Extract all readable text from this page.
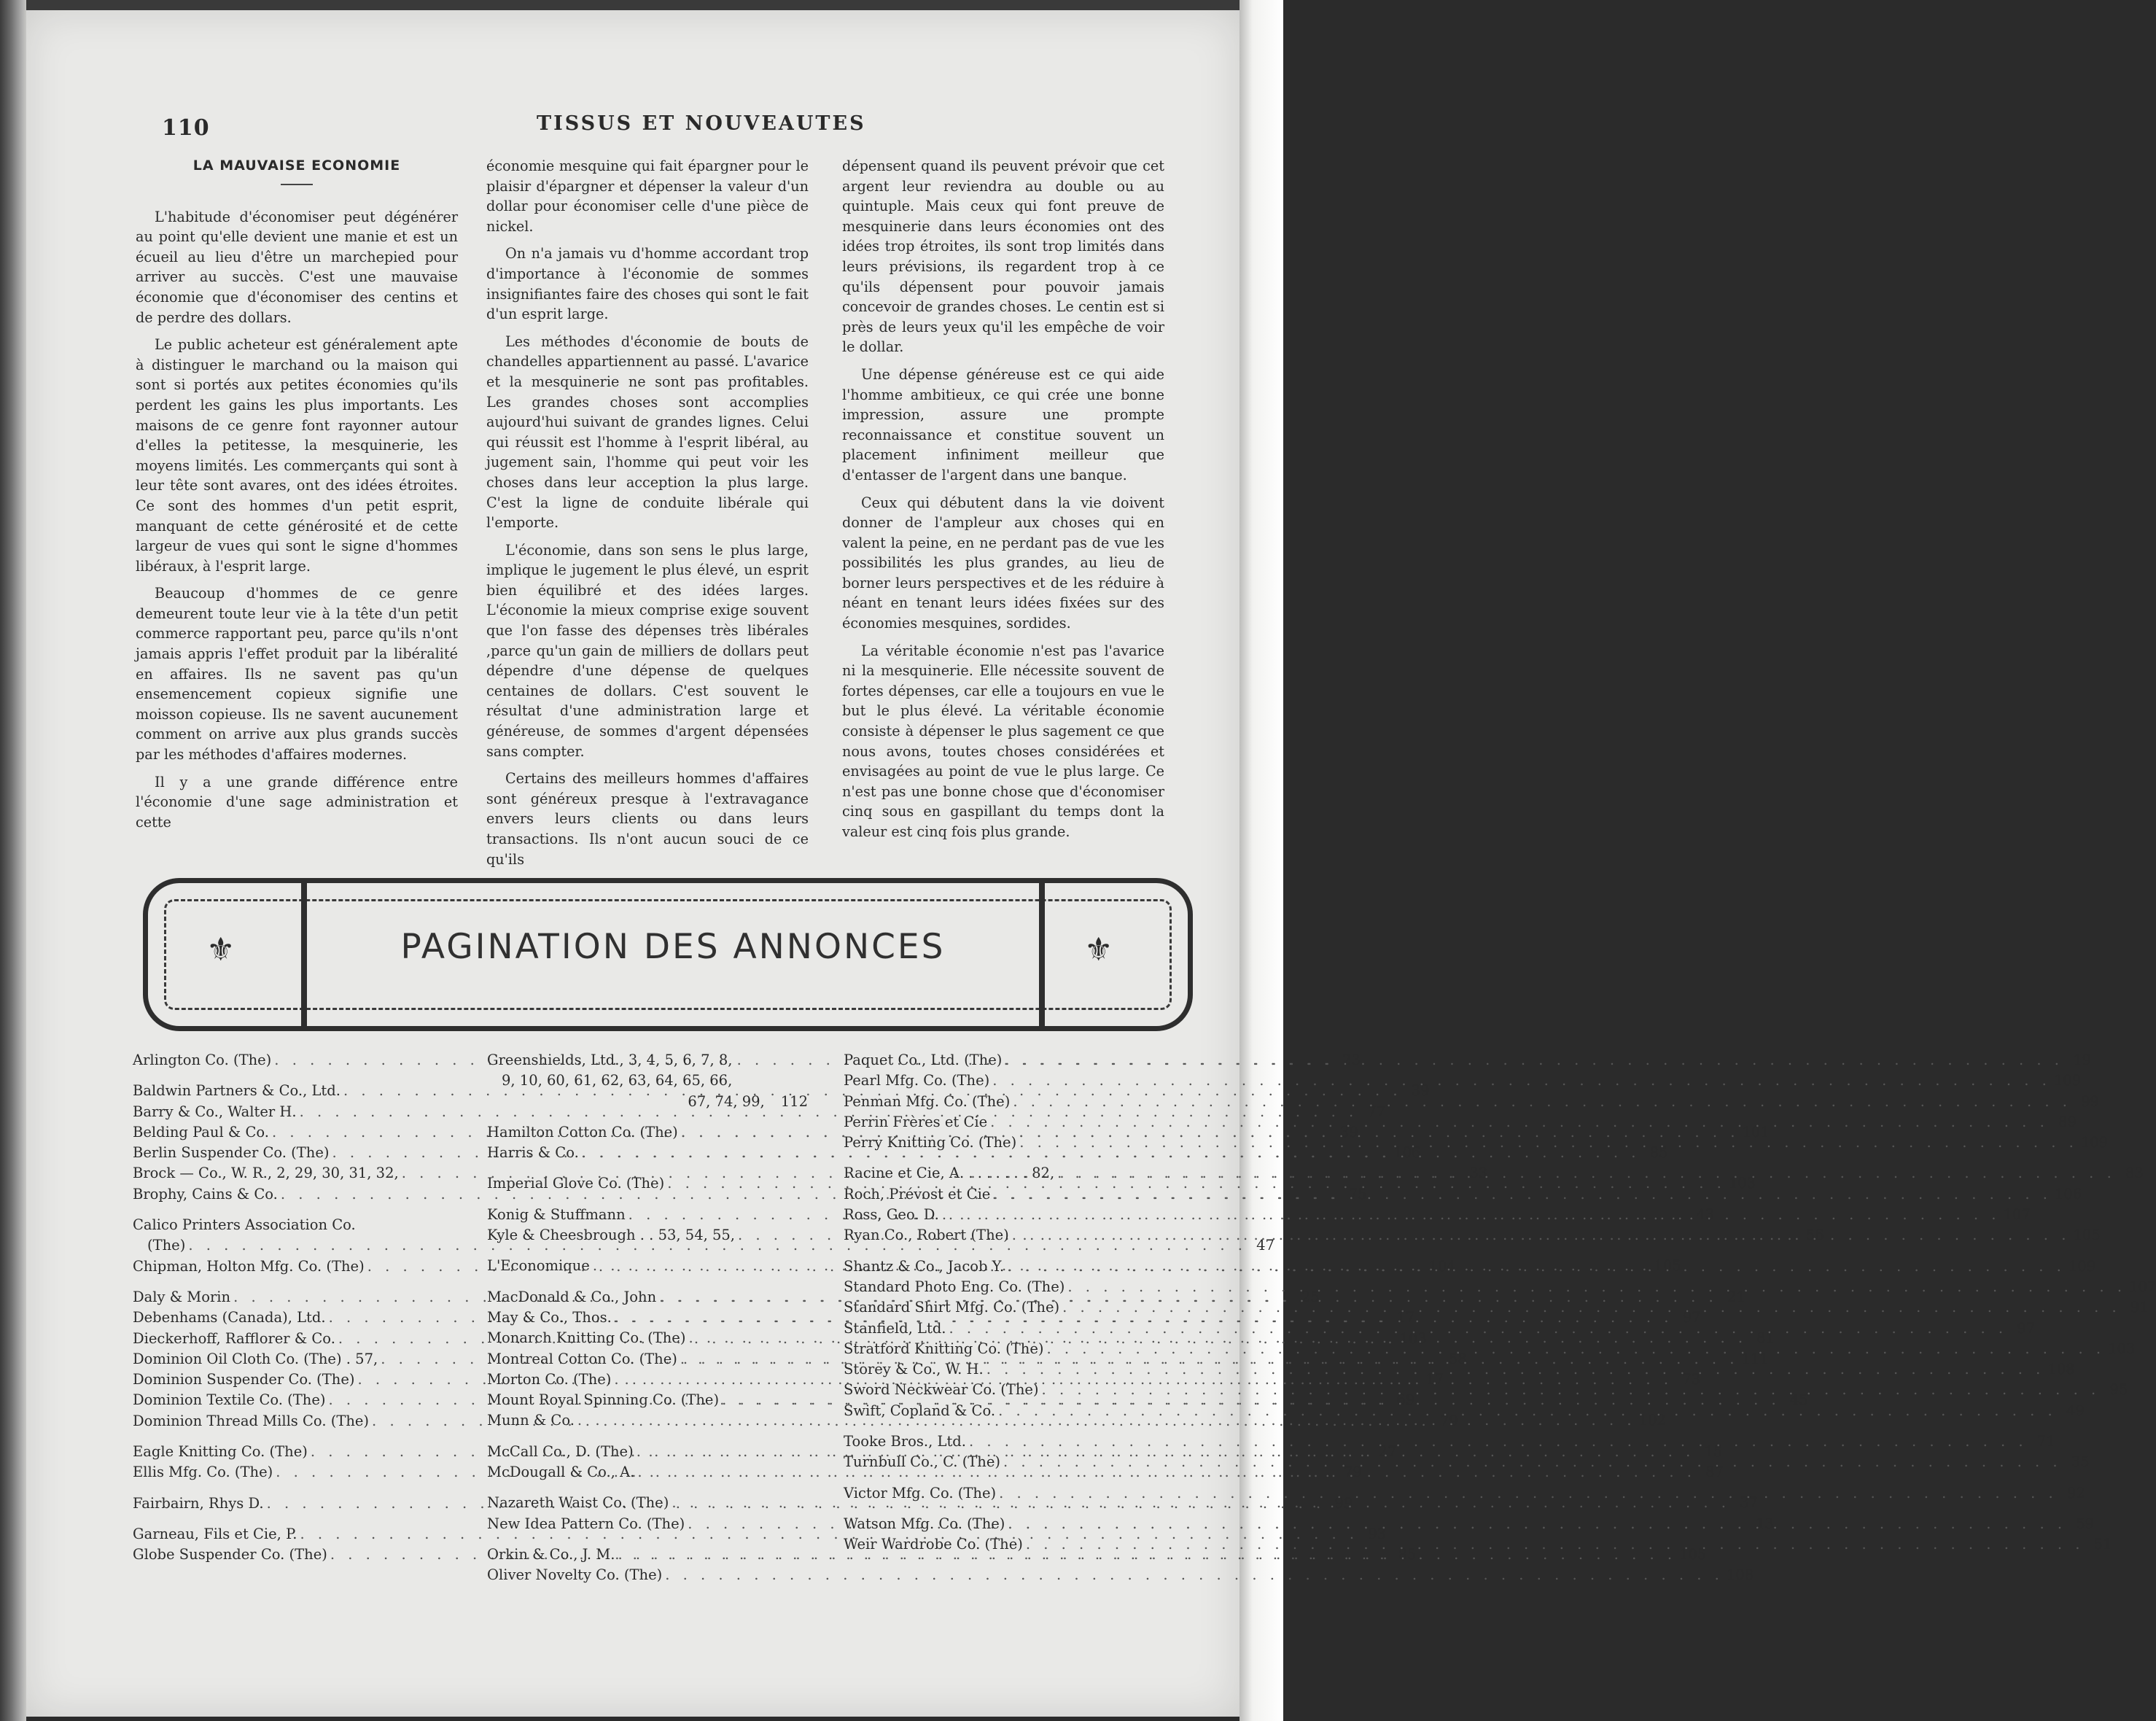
110	TISSUS ET NOUVEAUTES
LA MAUVAISE ECONOMIE

L'habitude d'économiser peut dégénérer au point qu'elle devient une manie et est un écueil au lieu d'être un marchepied pour arriver au succès. C'est une mauvaise économie que d'économiser des centins et de perdre des dollars.

Le public acheteur est généralement apte à distinguer le marchand ou la maison qui sont si portés aux petites économies qu'ils perdent les gains les plus importants. Les maisons de ce genre font rayonner autour d'elles la petitesse, la mesquinerie, les moyens limités. Les commerçants qui sont à leur tête sont avares, ont des idées étroites. Ce sont des hommes d'un petit esprit, manquant de cette générosité et de cette largeur de vues qui sont le signe d'hommes libéraux, à l'esprit large.

Beaucoup d'hommes de ce genre demeurent toute leur vie à la tête d'un petit commerce rapportant peu, parce qu'ils n'ont jamais appris l'effet produit par la libéralité en affaires. Ils ne savent pas qu'un ensemencement copieux signifie une moisson copieuse. Ils ne savent aucunement comment on arrive aux plus grands succès par les méthodes d'affaires modernes.

Il y a une grande différence entre l'économie d'une sage administration et cette

économie mesquine qui fait épargner pour le plaisir d'épargner et dépenser la valeur d'un dollar pour économiser celle d'une pièce de nickel.

On n'a jamais vu d'homme accordant trop d'importance à l'économie de sommes insignifiantes faire des choses qui sont le fait d'un esprit large.

Les méthodes d'économie de bouts de chandelles appartiennent au passé. L'avarice et la mesquinerie ne sont pas profitables. Les grandes choses sont accomplies aujourd'hui suivant de grandes lignes. Celui qui réussit est l'homme à l'esprit libéral, au jugement sain, l'homme qui peut voir les choses dans leur acception la plus large. C'est la ligne de conduite libérale qui l'emporte.

L'économie, dans son sens le plus large, implique le jugement le plus élevé, un esprit bien équilibré et des idées larges. L'économie la mieux comprise exige souvent que l'on fasse des dépenses très libérales ,parce qu'un gain de milliers de dollars peut dépendre d'une dépense de quelques centaines de dollars. C'est souvent le résultat d'une administration large et généreuse, de sommes d'argent dépensées sans compter.

Certains des meilleurs hommes d'affaires sont généreux presque à l'extravagance envers leurs clients ou dans leurs transactions. Ils n'ont aucun souci de ce qu'ils

dépensent quand ils peuvent prévoir que cet argent leur reviendra au double ou au quintuple. Mais ceux qui font preuve de mesquinerie dans leurs économies ont des idées trop étroites, ils sont trop limités dans leurs prévisions, ils regardent trop à ce qu'ils dépensent pour pouvoir jamais concevoir de grandes choses. Le centin est si près de leurs yeux qu'il les empêche de voir le dollar.

Une dépense généreuse est ce qui aide l'homme ambitieux, ce qui crée une bonne impression, assure une prompte reconnaissance et constitue souvent un placement infiniment meilleur que d'entasser de l'argent dans une banque.

Ceux qui débutent dans la vie doivent donner de l'ampleur aux choses qui en valent la peine, en ne perdant pas de vue les possibilités les plus grandes, au lieu de borner leurs perspectives et de les réduire à néant en tenant leurs idées fixées sur des économies mesquines, sordides.

La véritable économie n'est pas l'avarice ni la mesquinerie. Elle nécessite souvent de fortes dépenses, car elle a toujours en vue le but le plus élevé. La véritable économie consiste à dépenser le plus sagement ce que nous avons, toutes choses considérées et envisagées au point de vue le plus large. Ce n'est pas une bonne chose que d'économiser cinq sous en gaspillant du temps dont la valeur est cinq fois plus grande.

⚜	PAGINATION DES ANNONCES	⚜
Arlington Co. (The) . . .	23
Baldwin Partners & Co., Ltd. . . .	39
Barry & Co., Walter H. . . .	77
Belding Paul & Co. . . .	39
Berlin Suspender Co. (The) . . .	106
Brock — Co., W. R., 2, 29, 30, 31, 32, . . .	33
Brophy, Cains & Co. . . .	75
Calico Printers Association Co.
(The) . . .	47
Chipman, Holton Mfg. Co. (The) . . .	104
Daly & Morin . . .	25
Debenhams (Canada), Ltd. . . .	17
Dieckerhoff, Rafflorer & Co. . . .	103
Dominion Oil Cloth Co. (The) . 57, . . .	58
Dominion Suspender Co. (The) . . .	17
Dominion Textile Co. (The) . . .	69
Dominion Thread Mills Co. (The) . . .	79
Eagle Knitting Co. (The) . . .	27
Ellis Mfg. Co. (The) . . .	79
Fairbairn, Rhys D. . . .	99
Garneau, Fils et Cie, P. . . .	93
Globe Suspender Co. (The) . . .	85
Greenshields, Ltd., 3, 4, 5, 6, 7, 8,
9, 10, 60, 61, 62, 63, 64, 65, 66,
67, 74, 99, 112
Hamilton Cotton Co. (The) . . .	101
Harris & Co. . . .	85
Imperial Glove Co. (The) . . .	103
Konig & Stuffmann . . .	43
Kyle & Cheesbrough . . 53, 54, 55, . . .	56
L'Economique . . .	105
MacDonald & Co., John . . .	21
May & Co., Thos. . . .	97
Monarch Knitting Co. (The) . . .	81
Montreal Cotton Co. (The) . . .	111
Morton Co. (The) . . .	73
Mount Royal Spinning Co. (The) . . .	45
Munn & Co. . . .	102
McCall Co., D. (The) . . .	15
McDougall & Co., A. . . .	87
Nazareth Waist Co. (The) . . .	37
New Idea Pattern Co. (The) . . .	13
Orkin & Co., J. M. . . .	105
Oliver Novelty Co. (The) . . .	108
Paquet Co., Ltd. (The) . . .	19
Pearl Mfg. Co. (The) . . .	109
Penman Mfg. Co. (The) . . .	99
Perrin Frères et Cie . . .	89
Perry Knitting Co. (The) . . .	109
Racine et Cie, A. . . . . . . . 82, . . .	83
Roch, Prévost et Cie . . .	106
Ross, Geo. D. . . .	107
Ryan Co., Robert (The) . . .	105
Shantz & Co., Jacob Y. . . .	109
Standard Photo Eng. Co. (The) . . .	107
Standard Shirt Mfg. Co. (The) . . .	91
Stanfield, Ltd. . . .	97
Stratford Knitting Co. (The) . . .	103
Storey & Co., W. H. . . .	108
Sword Neckwear Co. (The) . . .	95
Swift, Copland & Co. . . .	49
Tooke Bros., Ltd. . . .	71
Turnbull Co., C. (The) . . .	35
Victor Mfg. Co. (The) . . .	92
Watson Mfg. Co. (The) . . .	59
Weir Wardrobe Co. (The) . . .	51
